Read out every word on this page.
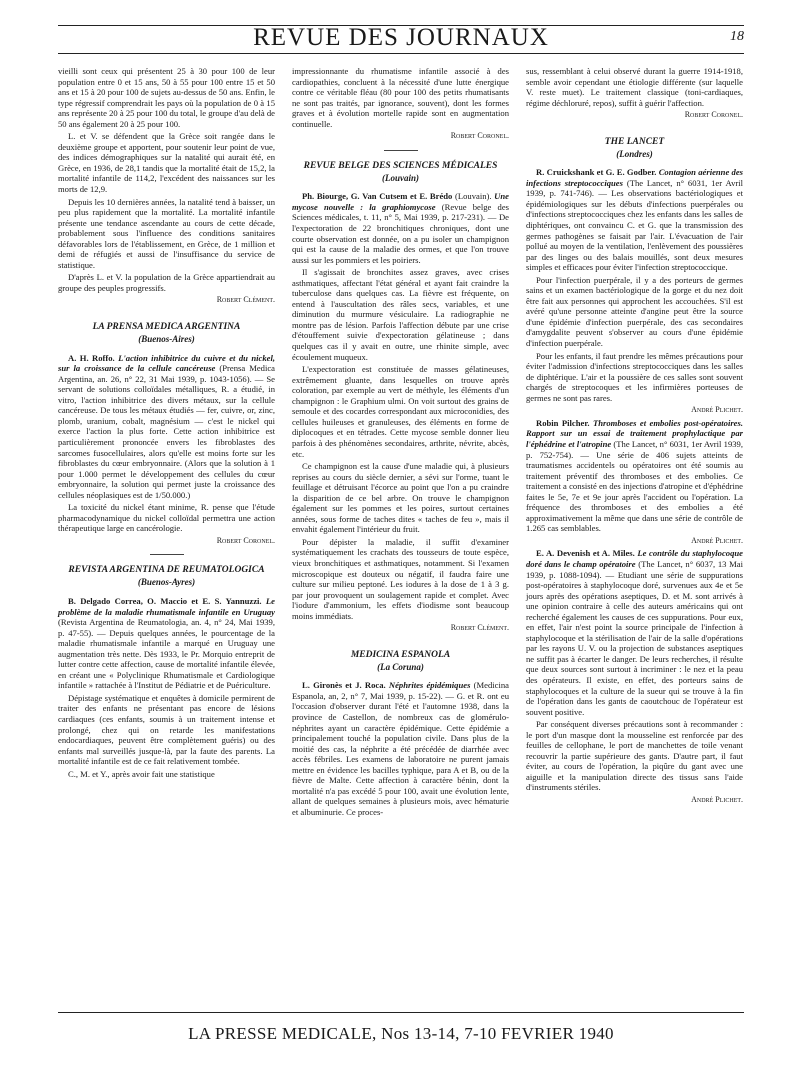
REVUE DES JOURNAUX	18

vieilli sont ceux qui présentent 25 à 30 pour 100 de leur population entre 0 et 15 ans, 50 à 55 pour 100 entre 15 et 50 ans et 15 à 20 pour 100 de sujets au-dessus de 50 ans. Enfin, le type régressif comprendrait les pays où la population de 0 à 15 ans représente 20 à 25 pour 100 du total, le groupe d'au delà de 50 ans également 20 à 25 pour 100.

L. et V. se défendent que la Grèce soit rangée dans le deuxième groupe et apportent, pour soutenir leur point de vue, des indices démographiques sur la natalité qui aurait été, en Grèce, en 1936, de 28,1 tandis que la mortalité était de 15,2, la mortalité infantile de 114,2, l'excédent des naissances sur les morts de 12,9.

Depuis les 10 dernières années, la natalité tend à baisser, un peu plus rapidement que la mortalité. La mortalité infantile présente une tendance ascendante au cours de cette décade, probablement sous l'influence des conditions sanitaires défavorables lors de l'établissement, en Grèce, de 1 million et demi de réfugiés et aussi de l'insuffisance du service de statistique.

D'après L. et V. la population de la Grèce appartiendrait au groupe des peuples progressifs.

Robert Clément.

LA PRENSA MEDICA ARGENTINA
(Buenos-Aires)

A. H. Roffo. L'action inhibitrice du cuivre et du nickel, sur la croissance de la cellule cancéreuse (Prensa Medica Argentina, an. 26, n° 22, 31 Mai 1939, p. 1043-1056). — Se servant de solutions colloïdales métalliques, R. a étudié, in vitro, l'action inhibitrice des divers métaux, sur la cellule cancéreuse. De tous les métaux étudiés — fer, cuivre, or, zinc, plomb, uranium, cobalt, magnésium — c'est le nickel qui exerce l'action la plus forte. Cette action inhibitrice est particulièrement prononcée envers les fibroblastes des sarcomes fusocellulaires, alors qu'elle est moins forte sur les fibroblastes du cœur embryonnaire. (Alors que la solution à 1 pour 1.000 permet le développement des cellules du cœur embryonnaire, la solution qui permet juste la croissance des cellules néoplasiques est de 1/50.000.)

La toxicité du nickel étant minime, R. pense que l'étude pharmacodynamique du nickel colloïdal permettra une action thérapeutique large en cancérologie.

Robert Coronel.

REVISTA ARGENTINA DE REUMATOLOGICA
(Buenos-Ayres)

B. Delgado Correa, O. Maccio et E. S. Yannuzzi. Le problème de la maladie rhumatismale infantile en Uruguay (Revista Argentina de Reumatologia, an. 4, n° 24, Mai 1939, p. 47-55). — Depuis quelques années, le pourcentage de la maladie rhumatismale infantile a marqué en Uruguay une augmentation très nette. Dès 1933, le Pr. Morquio entreprit de lutter contre cette affection, cause de mortalité infantile élevée, en créant une « Polyclinique Rhumatismale et Cardiologique infantile » rattachée à l'Institut de Pédiatrie et de Puériculture.

Dépistage systématique et enquêtes à domicile permirent de traiter des enfants ne présentant pas encore de lésions cardiaques (ces enfants, soumis à un traitement intense et prolongé, chez qui on retarde les manifestations endocardiaques, peuvent être complètement guéris) ou des enfants mal surveillés jusque-là, par la faute des parents. La mortalité infantile est de ce fait relativement tombée.

C., M. et Y., après avoir fait une statistique

impressionnante du rhumatisme infantile associé à des cardiopathies, concluent à la nécessité d'une lutte énergique contre ce véritable fléau (80 pour 100 des petits rhumatisants ne sont pas traités, par ignorance, souvent), dont les formes graves et à évolution mortelle rapide sont en augmentation continuelle.

Robert Coronel.

REVUE BELGE DES SCIENCES MÉDICALES
(Louvain)

Ph. Biourge, G. Van Cutsem et E. Brédo (Louvain). Une mycose nouvelle : la graphiomycose (Revue belge des Sciences médicales, t. 11, n° 5, Mai 1939, p. 217-231). — De l'expectoration de 22 bronchitiques chroniques, dont une courte observation est donnée, on a pu isoler un champignon qui est la cause de la maladie des ormes, et que l'on trouve aussi sur les pommiers et les poiriers.

Il s'agissait de bronchites assez graves, avec crises asthmatiques, affectant l'état général et ayant fait craindre la tuberculose dans quelques cas. La fièvre est fréquente, on entend à l'auscultation des râles secs, variables, et une diminution du murmure vésiculaire. La radiographie ne montre pas de lésion. Parfois l'affection débute par une crise d'étouffement suivie d'expectoration gélatineuse ; dans quelques cas il y avait en outre, une rhinite simple, avec écoulement muqueux.

L'expectoration est constituée de masses gélatineuses, extrêmement gluante, dans lesquelles on trouve après coloration, par exemple au vert de méthyle, les éléments d'un champignon : le Graphium ulmi. On voit surtout des grains de semoule et des cocardes correspondant aux microconidies, des cellules huileuses et granuleuses, des éléments en forme de diplocoques et en tétrades. Cette mycose semble donner lieu parfois à des phénomènes secondaires, arthrite, névrite, abcès, etc.

Ce champignon est la cause d'une maladie qui, à plusieurs reprises au cours du siècle dernier, a sévi sur l'orme, tuant le feuillage et détruisant l'écorce au point que l'on a pu craindre la disparition de ce bel arbre. On trouve le champignon également sur les pommes et les poires, surtout certaines années, sous forme de taches dites « taches de feu », mais il envahit également l'intérieur du fruit.

Pour dépister la maladie, il suffit d'examiner systématiquement les crachats des tousseurs de toute espèce, vieux bronchitiques et asthmatiques, notamment. Si l'examen microscopique est douteux ou négatif, il faudra faire une culture sur milieu peptoné. Les iodures à la dose de 1 à 3 g. par jour provoquent un soulagement rapide et complet. Avec l'iodure d'ammonium, les effets d'iodisme sont beaucoup moins immédiats.

Robert Clément.

MEDICINA ESPANOLA
(La Coruna)

L. Gironès et J. Roca. Néphrites épidémiques (Medicina Espanola, an, 2, n° 7, Mai 1939, p. 15-22). — G. et R. ont eu l'occasion d'observer durant l'été et l'automne 1938, dans la province de Castellon, de nombreux cas de glomérulo-néphrites ayant un caractère épidémique. Cette épidémie a principalement touché la population civile. Dans plus de la moitié des cas, la néphrite a été précédée de diarrhée avec accès fébriles. Les examens de laboratoire ne purent jamais mettre en évidence les bacilles typhique, para A et B, ou de la fièvre de Malte. Cette affection à caractère bénin, dont la mortalité n'a pas excédé 5 pour 100, avait une évolution lente, allant de quelques semaines à plusieurs mois, avec hématurie et albuminurie. Ce proces-

sus, ressemblant à celui observé durant la guerre 1914-1918, semble avoir cependant une étiologie différente (sur laquelle V. reste muet). Le traitement classique (toni-cardiaques, régime déchloruré, repos), suffit à guérir l'affection.

Robert Coronel.

THE LANCET
(Londres)

R. Cruickshank et G. E. Godber. Contagion aérienne des infections streptococciques (The Lancet, n° 6031, 1er Avril 1939, p. 741-746). — Les observations bactériologiques et épidémiologiques sur les débuts d'infections puerpérales ou d'infections streptococciques chez les enfants dans les salles de diphtériques, ont convaincu C. et G. que la transmission des germes pathogènes se faisait par l'air. L'évacuation de l'air pollué au moyen de la ventilation, l'enlèvement des poussières par des linges ou des balais mouillés, sont deux mesures simples et efficaces pour éviter l'infection streptococcique.

Pour l'infection puerpérale, il y a des porteurs de germes sains et un examen bactériologique de la gorge et du nez doit être fait aux personnes qui approchent les accouchées. S'il est avéré qu'une personne atteinte d'angine peut être la source d'une épidémie d'infection puerpérale, des cas secondaires d'amygdalite peuvent s'observer au cours d'une épidémie d'infection puerpérale.

Pour les enfants, il faut prendre les mêmes précautions pour éviter l'admission d'infections streptococciques dans les salles de diphtérique. L'air et la poussière de ces salles sont souvent chargés de streptocoques et les infirmières porteuses de germes ne sont pas rares.

André Plichet.

Robin Pilcher. Thromboses et embolies post-opératoires. Rapport sur un essai de traitement prophylactique par l'éphédrine et l'atropine (The Lancet, n° 6031, 1er Avril 1939, p. 752-754). — Une série de 406 sujets atteints de traumatismes accidentels ou opératoires ont été soumis au traitement préventif des thromboses et des embolies. Ce traitement a consisté en des injections d'atropine et d'éphédrine faites le 5e, 7e et 9e jour après l'accident ou l'opération. La fréquence des thromboses et des embolies a été approximativement la même que dans une série de contrôle de 1.265 cas semblables.

André Plichet.

E. A. Devenish et A. Miles. Le contrôle du staphylocoque doré dans le champ opératoire (The Lancet, n° 6037, 13 Mai 1939, p. 1088-1094). — Etudiant une série de suppurations post-opératoires à staphylocoque doré, survenues aux 4e et 5e jours après des opérations aseptiques, D. et M. sont arrivés à une opinion contraire à celle des auteurs américains qui ont recherché également les causes de ces suppurations. Pour eux, en effet, l'air n'est point la source principale de l'infection à staphylocoque et la stérilisation de l'air de la salle d'opérations par les rayons U. V. ou la projection de substances aseptiques ne suffit pas à écarter le danger. De leurs recherches, il résulte que deux sources sont surtout à incriminer : le nez et la peau des opérateurs. Il existe, en effet, des porteurs sains de staphylocoques et la culture de la sueur qui se trouve à la fin de l'opération dans les gants de caoutchouc de l'opérateur est souvent positive.

Par conséquent diverses précautions sont à recommander : le port d'un masque dont la mousseline est renforcée par des feuilles de cellophane, le port de manchettes de toile venant recouvrir la partie supérieure des gants. D'autre part, il faut éviter, au cours de l'opération, la piqûre du gant avec une aiguille et la manipulation directe des tissus sans l'aide d'instruments stériles.

André Plichet.

LA PRESSE MEDICALE, Nos 13-14, 7-10 FEVRIER 1940
